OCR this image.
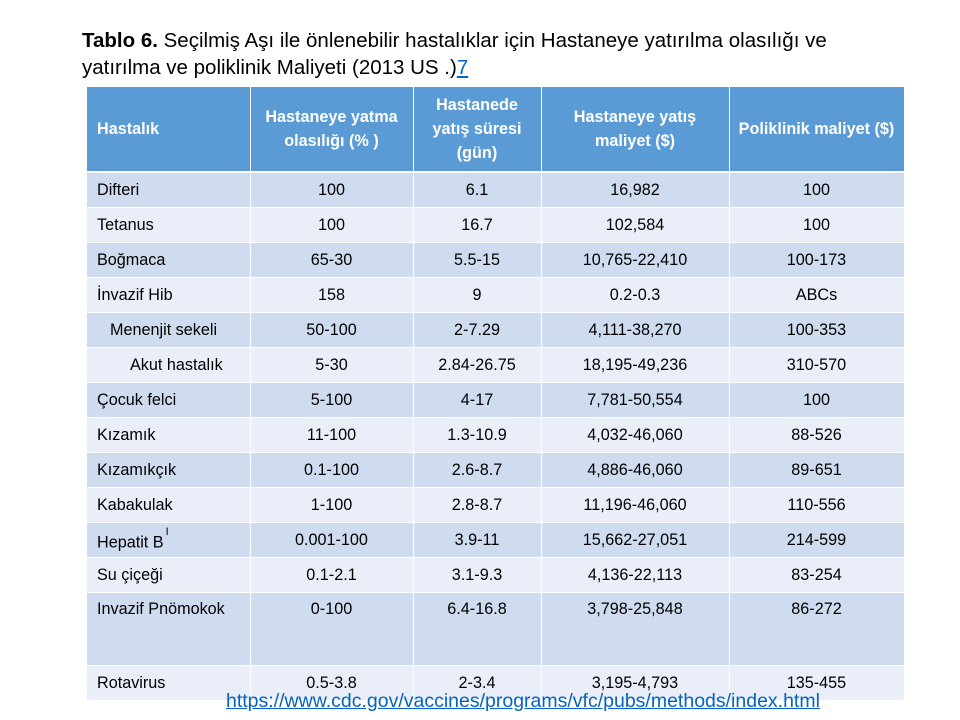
Tablo 6. Seçilmiş Aşı ile önlenebilir hastalıklar için Hastaneye yatırılma olasılığı ve yatırılma ve poliklinik Maliyeti (2013 US .)7
Hastalık	Hastaneye yatma olasılığı (% )	Hastanede yatış süresi (gün)	Hastaneye yatış maliyet ($)	Poliklinik maliyet ($)
Difteri	100	6.1	16,982	100
Tetanus	100	16.7	102,584	100
Boğmaca	65-30	5.5-15	10,765-22,410	100-173
İnvazif Hib	158	9	0.2-0.3	ABCs
Menenjit sekeli	50-100	2-7.29	4,111-38,270	100-353
Akut hastalık	5-30	2.84-26.75	18,195-49,236	310-570
Çocuk felci	5-100	4-17	7,781-50,554	100
Kızamık	11-100	1.3-10.9	4,032-46,060	88-526
Kızamıkçık	0.1-100	2.6-8.7	4,886-46,060	89-651
Kabakulak	1-100	2.8-8.7	11,196-46,060	110-556
Hepatit $B^I$	0.001-100	3.9-11	15,662-27,051	214-599
Su çiçeği	0.1-2.1	3.1-9.3	4,136-22,113	83-254
Invazif Pnömokok	0-100	6.4-16.8	3,798-25,848	86-272
Rotavirus	0.5-3.8	2-3.4	3,195-4,793	135-455
https://www.cdc.gov/vaccines/programs/vfc/pubs/methods/index.html
